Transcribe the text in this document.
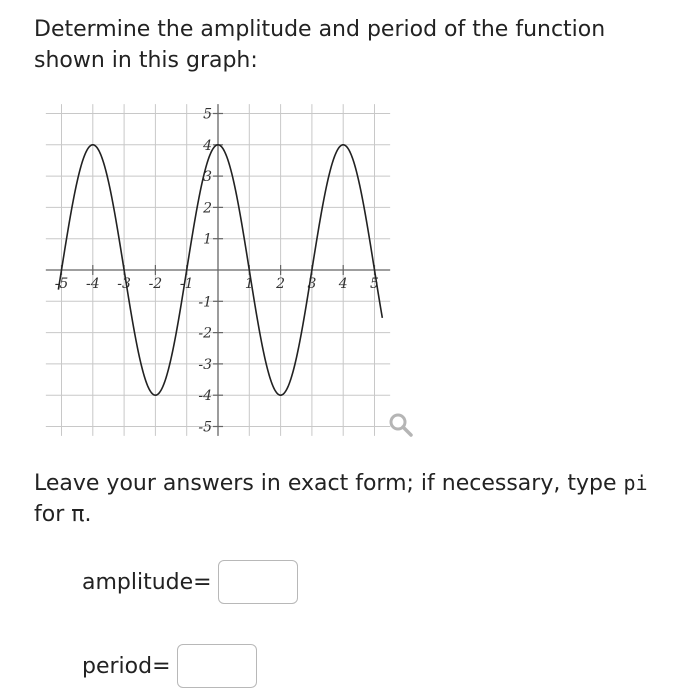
Determine the amplitude and period of the function shown in this graph:

-5 -4 -3 -2 -1	1 2 3 4 5
5
4
3
2
1
-1
-2
-3
-4
-5

Leave your answers in exact form; if necessary, type pi for π.

amplitude=
period=
